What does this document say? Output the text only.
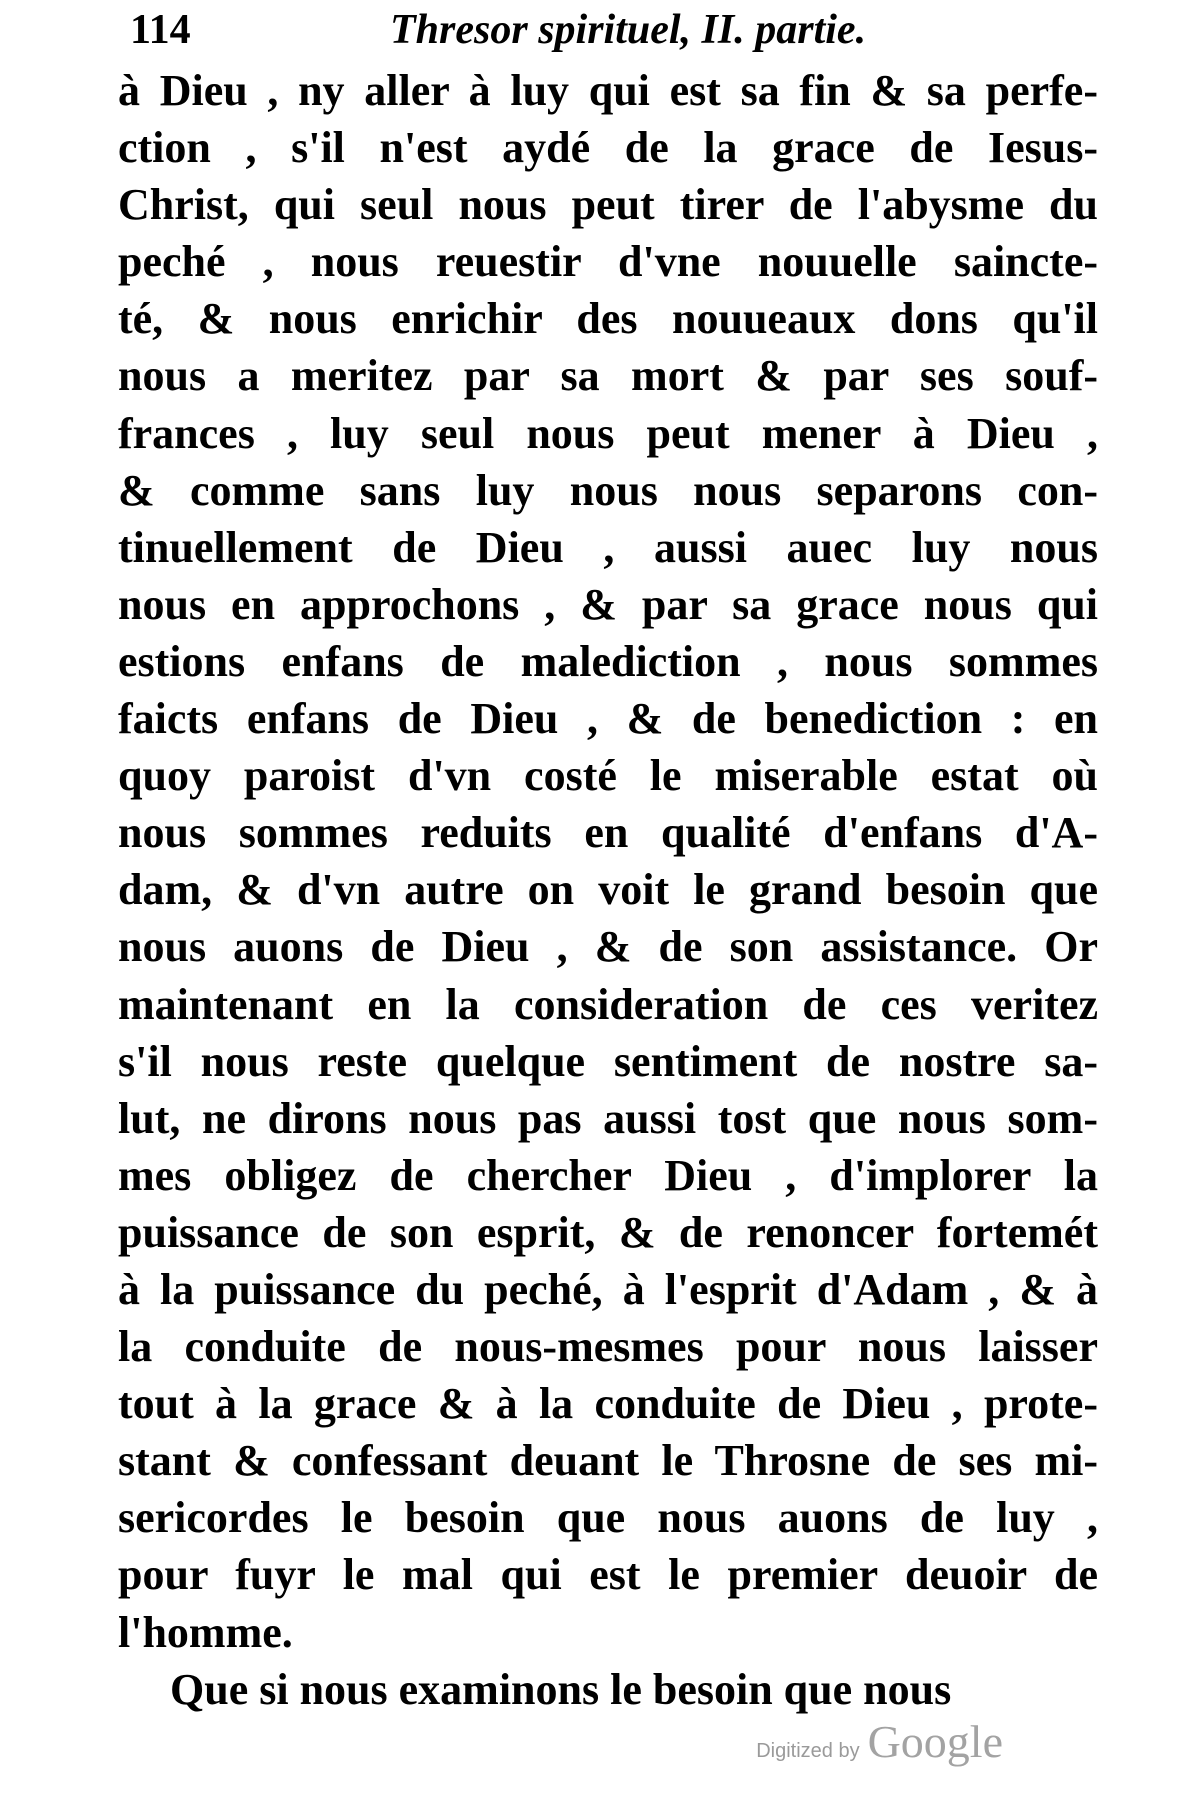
114	Thresor spirituel, II. partie.
à Dieu , ny aller à luy qui est sa fin & sa perfe-
ction , s'il n'est aydé de la grace de Iesus-
Christ, qui seul nous peut tirer de l'abysme du
peché , nous reuestir d'vne nouuelle saincte-
té, & nous enrichir des nouueaux dons qu'il
nous a meritez par sa mort & par ses souf-
frances , luy seul nous peut mener à Dieu ,
& comme sans luy nous nous separons con-
tinuellement de Dieu , aussi auec luy nous
nous en approchons , & par sa grace nous qui
estions enfans de malediction , nous sommes
faicts enfans de Dieu , & de benediction : en
quoy paroist d'vn costé le miserable estat où
nous sommes reduits en qualité d'enfans d'A-
dam, & d'vn autre on voit le grand besoin que
nous auons de Dieu , & de son assistance. Or
maintenant en la consideration de ces veritez
s'il nous reste quelque sentiment de nostre sa-
lut, ne dirons nous pas aussi tost que nous som-
mes obligez de chercher Dieu , d'implorer la
puissance de son esprit, & de renoncer fortemét
à la puissance du peché, à l'esprit d'Adam , & à
la conduite de nous-mesmes pour nous laisser
tout à la grace & à la conduite de Dieu , prote-
stant & confessant deuant le Throsne de ses mi-
sericordes le besoin que nous auons de luy ,
pour fuyr le mal qui est le premier deuoir de
l'homme.
Que si nous examinons le besoin que nous
Digitized by Google
